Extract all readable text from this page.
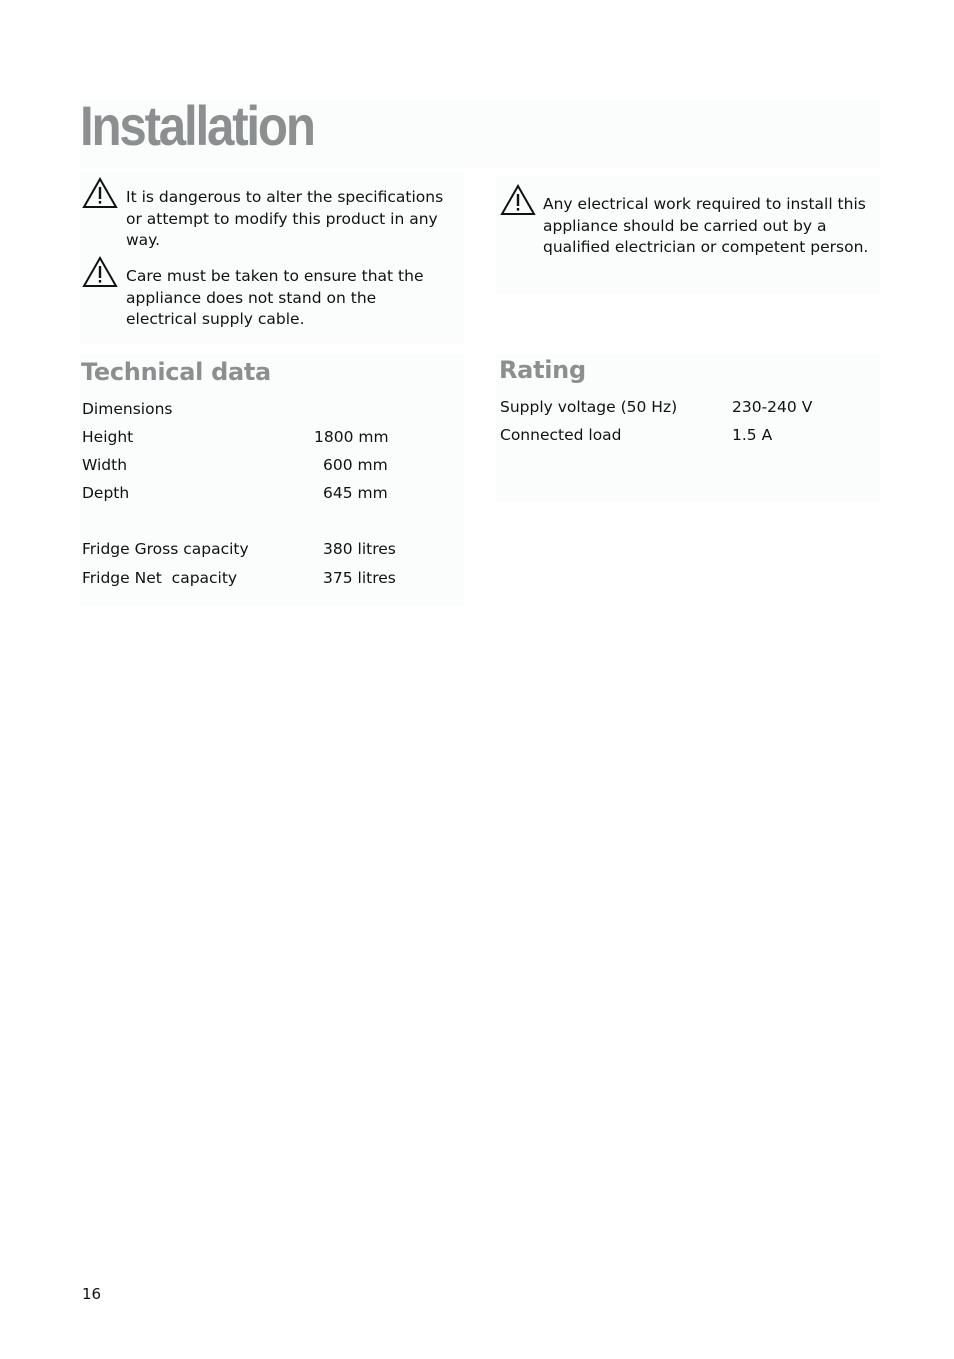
Installation
It is dangerous to alter the specifications or attempt to modify this product in any way.
Care must be taken to ensure that the appliance does not stand on the electrical supply cable.
Any electrical work required to install this appliance should be carried out by a qualified electrician or competent person.
Technical data
Dimensions
Height	1800 mm
Width	600 mm
Depth	645 mm
Fridge Gross capacity	380 litres
Fridge Net  capacity	375 litres
Rating
Supply voltage (50 Hz)	230-240 V
Connected load	1.5 A
16
